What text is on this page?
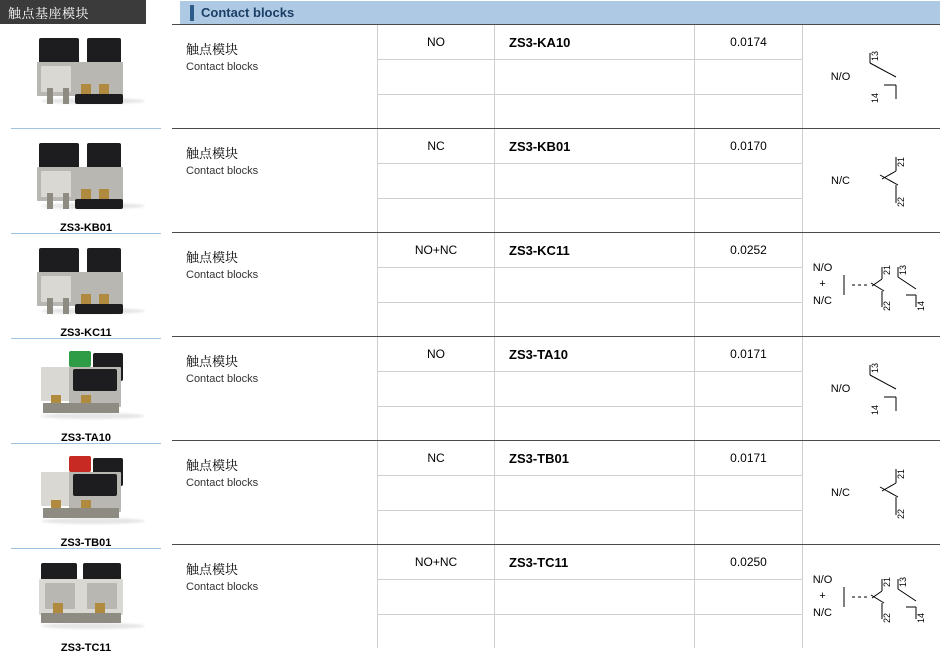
触点基座模块	Contact blocks
ZS3-KB01
ZS3-KC11
ZS3-TA10
ZS3-TB01
ZS3-TC11
触点模块
Contact blocks
NO	ZS3-KA10	0.0174
N/O
13
14
触点模块
Contact blocks
NC	ZS3-KB01	0.0170
N/C
21
22
触点模块
Contact blocks
NO+NC	ZS3-KC11	0.0252
N/O
+
N/C
21 13
22	14
触点模块
Contact blocks
NO	ZS3-TA10	0.0171
N/O
13
14
触点模块
Contact blocks
NC	ZS3-TB01	0.0171
N/C
21
22
触点模块
Contact blocks
NO+NC	ZS3-TC11	0.0250
N/O
+
N/C
21 13
22	14
